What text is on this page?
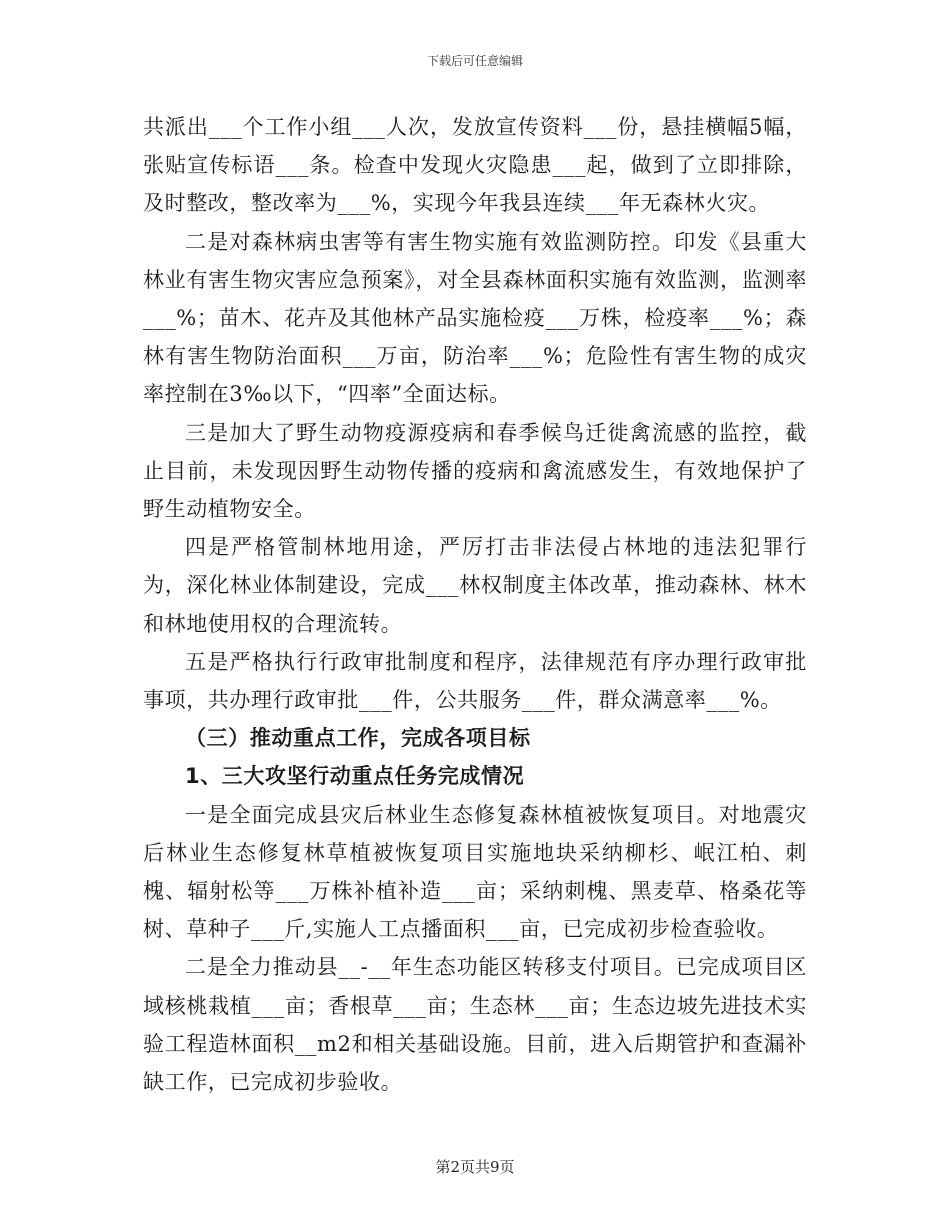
下载后可任意编辑

共派出___个工作小组___人次，发放宣传资料___份，悬挂横幅5幅，张贴宣传标语___条。检查中发现火灾隐患___起，做到了立即排除，及时整改，整改率为___%，实现今年我县连续___年无森林火灾。

二是对森林病虫害等有害生物实施有效监测防控。印发《县重大林业有害生物灾害应急预案》，对全县森林面积实施有效监测，监测率___%；苗木、花卉及其他林产品实施检疫___万株，检疫率___%；森林有害生物防治面积___万亩，防治率___%；危险性有害生物的成灾率控制在3‰以下，“四率”全面达标。

三是加大了野生动物疫源疫病和春季候鸟迁徙禽流感的监控，截止目前，未发现因野生动物传播的疫病和禽流感发生，有效地保护了野生动植物安全。

四是严格管制林地用途，严厉打击非法侵占林地的违法犯罪行为，深化林业体制建设，完成___林权制度主体改革，推动森林、林木和林地使用权的合理流转。

五是严格执行行政审批制度和程序，法律规范有序办理行政审批事项，共办理行政审批___件，公共服务___件，群众满意率___%。

（三）推动重点工作，完成各项目标

1、三大攻坚行动重点任务完成情况

一是全面完成县灾后林业生态修复森林植被恢复项目。对地震灾后林业生态修复林草植被恢复项目实施地块采纳柳杉、岷江柏、刺槐、辐射松等___万株补植补造___亩；采纳刺槐、黑麦草、格桑花等树、草种子___斤,实施人工点播面积___亩，已完成初步检查验收。

二是全力推动县__-__年生态功能区转移支付项目。已完成项目区域核桃栽植___亩；香根草___亩；生态林___亩；生态边坡先进技术实验工程造林面积__m2和相关基础设施。目前，进入后期管护和查漏补缺工作，已完成初步验收。

第2页共9页
